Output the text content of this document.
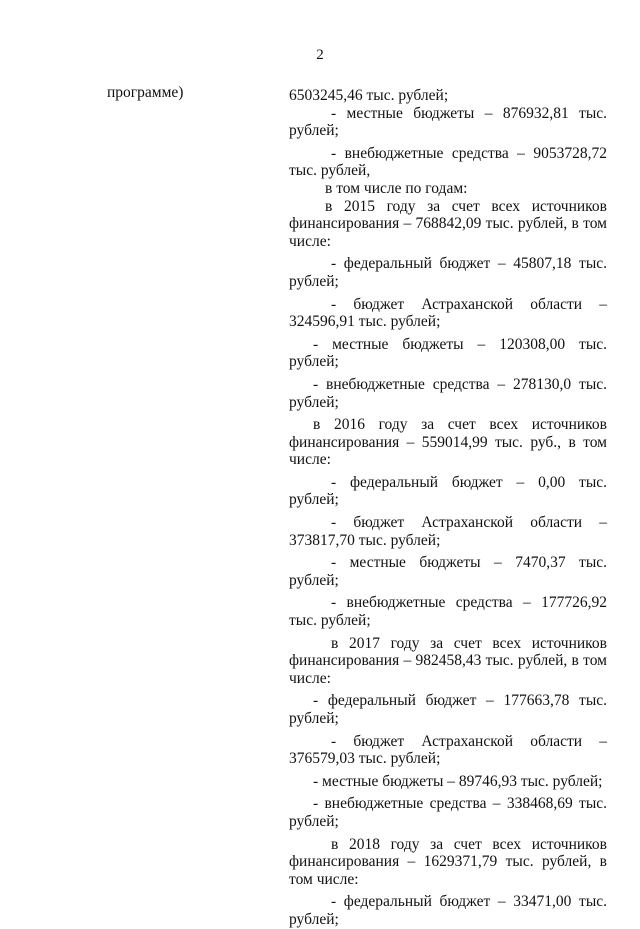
2
программе)	6503245,46 тыс. рублей;

- местные бюджеты – 876932,81 тыс. рублей;

- внебюджетные средства – 9053728,72 тыс. рублей,

в том числе по годам:

в 2015 году за счет всех источников финансирования – 768842,09 тыс. рублей, в том числе:

- федеральный бюджет – 45807,18 тыс. рублей;

- бюджет Астраханской области – 324596,91 тыс. рублей;

- местные бюджеты – 120308,00 тыс. рублей;

- внебюджетные средства – 278130,0 тыс. рублей;

в 2016 году за счет всех источников финансирования – 559014,99 тыс. руб., в том числе:

- федеральный бюджет – 0,00 тыс. рублей;

- бюджет Астраханской области – 373817,70 тыс. рублей;

- местные бюджеты – 7470,37 тыс. рублей;

- внебюджетные средства – 177726,92 тыс. рублей;

в 2017 году за счет всех источников финансирования – 982458,43 тыс. рублей, в том числе:

- федеральный бюджет – 177663,78 тыс. рублей;

- бюджет Астраханской области – 376579,03 тыс. рублей;

- местные бюджеты – 89746,93 тыс. рублей;

- внебюджетные средства – 338468,69 тыс. рублей;

в 2018 году за счет всех источников финансирования – 1629371,79 тыс. рублей, в том числе:

- федеральный бюджет – 33471,00 тыс. рублей;
